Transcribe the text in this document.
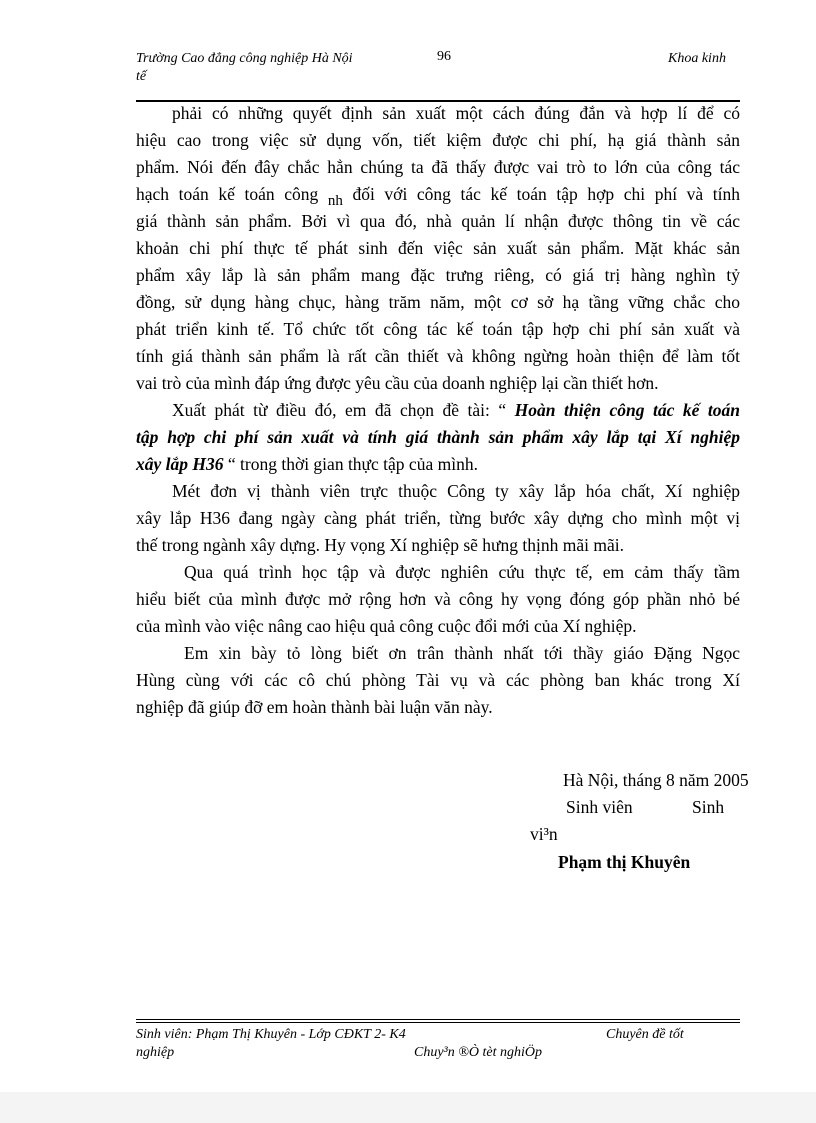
Trường Cao đẳng công nghiệp Hà Nội
tế
96	Khoa kinh
phải có những quyết định sản xuất một cách đúng đắn và hợp lí để có
hiệu cao trong việc sử dụng vốn, tiết kiệm được chi phí, hạ giá thành sản
phẩm. Nói đến đây chắc hẳn chúng ta đã thấy được vai trò to lớn của công tác
hạch toán kế toán công nh đối với công tác kế toán tập hợp chi phí và tính
giá thành sản phẩm. Bởi vì qua đó, nhà quản lí nhận được thông tin về các
khoản chi phí thực tế phát sinh đến việc sản xuất sản phẩm. Mặt khác sản
phẩm xây lắp là sản phẩm mang đặc trưng riêng, có giá trị hàng nghìn tỷ
đồng, sử dụng hàng chục, hàng trăm năm, một cơ sở hạ tầng vững chắc cho
phát triển kinh tế. Tổ chức tốt công tác kế toán tập hợp chi phí sản xuất và
tính giá thành sản phẩm là rất cần thiết và không ngừng hoàn thiện để làm tốt
vai trò của mình đáp ứng được yêu cầu của doanh nghiệp lại cần thiết hơn.
Xuất phát từ điều đó, em đã chọn đề tài: “ Hoàn thiện công tác kế toán
tập hợp chi phí sản xuất và tính giá thành sản phẩm xây lắp tại Xí nghiệp
xây lắp H36 “ trong thời gian thực tập của mình.
Mét đơn vị thành viên trực thuộc Công ty xây lắp hóa chất, Xí nghiệp
xây lắp H36 đang ngày càng phát triển, từng bước xây dựng cho mình một vị
thế trong ngành xây dựng. Hy vọng Xí nghiệp sẽ hưng thịnh mãi mãi.
Qua quá trình học tập và được nghiên cứu thực tế, em cảm thấy tầm
hiểu biết của mình được mở rộng hơn và công hy vọng đóng góp phần nhỏ bé
của mình vào việc nâng cao hiệu quả công cuộc đổi mới của Xí nghiệp.
Em xin bày tỏ lòng biết ơn trân thành nhất tới thầy giáo Đặng Ngọc
Hùng cùng với các cô chú phòng Tài vụ và các phòng ban khác trong Xí
nghiệp đã giúp đỡ em hoàn thành bài luận văn này.
Hà Nội, tháng 8 năm 2005
Sinh viên	Sinh
vi³n
Phạm thị Khuyên
Sinh viên: Phạm Thị Khuyên - Lớp CĐKT 2- K4	Chuyên đề tốt
nghiệp	Chuy³n ®Ò tèt nghiÖp
